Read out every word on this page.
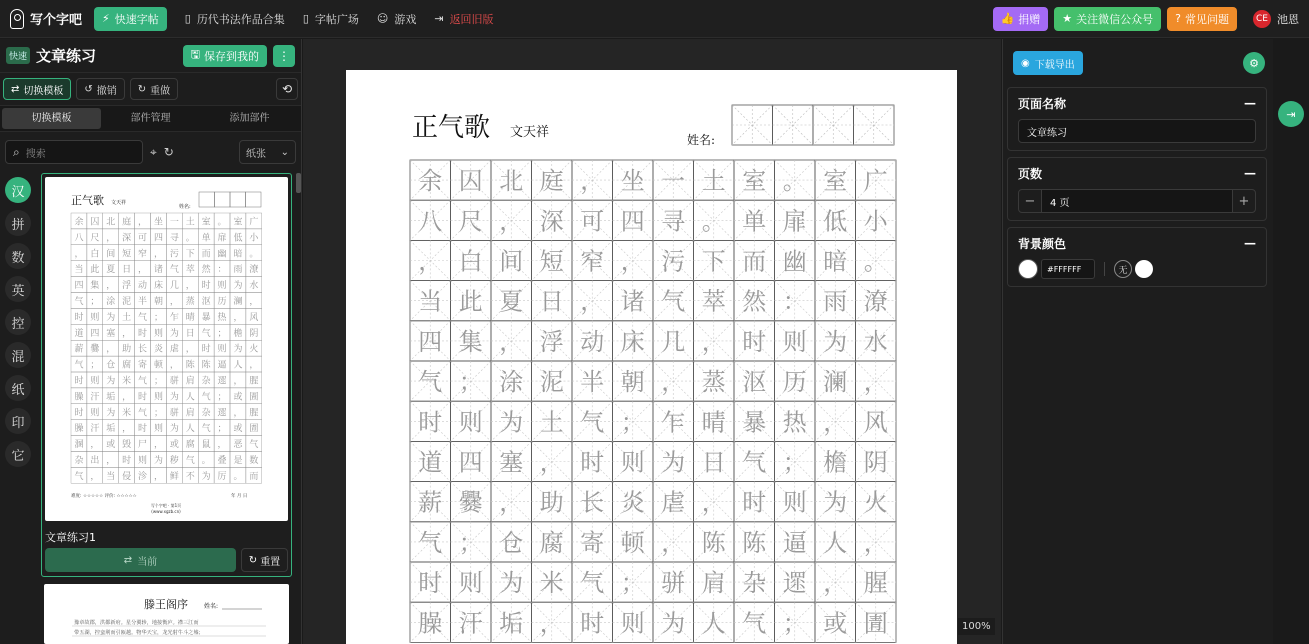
写个字吧 ⚡ 快速字帖 ▯ 历代书法作品合集 ▯ 字帖广场 ☺ 游戏 ⇥ 返回旧版	👍 捐赠 ★ 关注微信公众号 ? 常见问题	CE 池恩
快速 文章练习	🖫 保存到我的 ⋮
⇄ 切换模板 ↺ 撤销 ↻ 重做	⟲
切换模板	部件管理	添加部件
⌕ 搜索	⌖ ↻	纸张 ⌄
汉
拼
数
英
控
混
纸
印
它
正气歌 文天祥
姓名:
余 囚 北 庭 ， 坐 一 土 室 。 室 广
八 尺 ， 深 可 四 寻 。 单 扉 低 小
， 白 间 短 窄 ， 污 下 而 幽 暗 。
当 此 夏 日 ， 诸 气 萃 然 ： 雨 潦
四 集 ， 浮 动 床 几 ， 时 则 为 水
气 ； 涂 泥 半 朝 ， 蒸 沤 历 澜 ，
时 则 为 土 气 ； 乍 晴 暴 热 ， 风
道 四 塞 ， 时 则 为 日 气 ； 檐 阴
薪 爨 ， 助 长 炎 虐 ， 时 则 为 火
气 ； 仓 腐 寄 顿 ， 陈 陈 逼 人 ，
时 则 为 米 气 ； 骈 肩 杂 遝 ， 腥
臊 汗 垢 ， 时 则 为 人 气 ； 或 圊
时 则 为 米 气 ； 骈 肩 杂 遝 ， 腥
臊 汗 垢 ， 时 则 为 人 气 ； 或 圊
溷 ， 或 毁 尸 ， 或 腐 鼠 ， 恶 气
杂 出 ， 时 则 为 秽 气 。 叠 是 数
气 ， 当 侵 沴 ， 鲜 不 为 厉 。 而
难度: ☆☆☆☆☆ 评价: ☆☆☆☆☆	年 月 日
写个字吧 · 第1页
(www.xgzb.cn)
文章练习1
⇄ 当前	↻ 重置
滕王阁序	姓名:
豫章故郡，洪都新府。星分翼轸，地接衡庐。襟三江而
带五湖，控蛮荆而引瓯越。物华天宝，龙光射牛斗之墟；
正气歌 文天祥	姓名:
余 囚 北 庭 ， 坐 一 土 室 。 室 广
八 尺 ， 深 可 四 寻 。 单 扉 低 小
， 白 间 短 窄 ， 污 下 而 幽 暗 。
当 此 夏 日 ， 诸 气 萃 然 ： 雨 潦
四 集 ， 浮 动 床 几 ， 时 则 为 水
气 ； 涂 泥 半 朝 ， 蒸 沤 历 澜 ，
时 则 为 土 气 ； 乍 晴 暴 热 ， 风
道 四 塞 ， 时 则 为 日 气 ； 檐 阴
薪 爨 ， 助 长 炎 虐 ， 时 则 为 火
气 ； 仓 腐 寄 顿 ， 陈 陈 逼 人 ，
时 则 为 米 气 ； 骈 肩 杂 遝 ， 腥
臊 汗 垢 ， 时 则 为 人 气 ； 或 圊	100%
◉ 下载导出	⚙
页面名称	—
文章练习
页数	—
−	4 页	+
背景颜色	—
#FFFFFF	无
⇥
